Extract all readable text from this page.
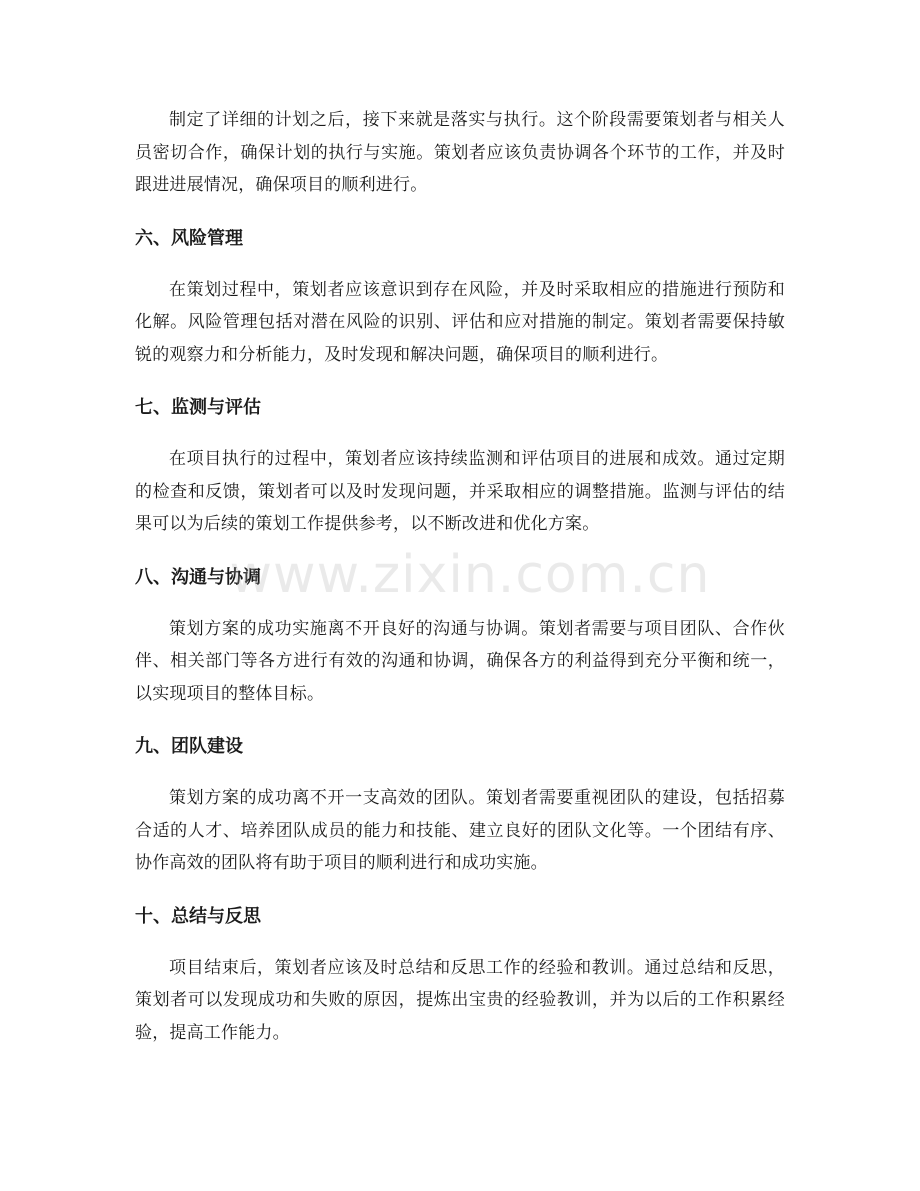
制定了详细的计划之后，接下来就是落实与执行。这个阶段需要策划者与相关人员密切合作，确保计划的执行与实施。策划者应该负责协调各个环节的工作，并及时跟进进展情况，确保项目的顺利进行。

六、风险管理

在策划过程中，策划者应该意识到存在风险，并及时采取相应的措施进行预防和化解。风险管理包括对潜在风险的识别、评估和应对措施的制定。策划者需要保持敏锐的观察力和分析能力，及时发现和解决问题，确保项目的顺利进行。

七、监测与评估

在项目执行的过程中，策划者应该持续监测和评估项目的进展和成效。通过定期的检查和反馈，策划者可以及时发现问题，并采取相应的调整措施。监测与评估的结果可以为后续的策划工作提供参考，以不断改进和优化方案。

八、沟通与协调

策划方案的成功实施离不开良好的沟通与协调。策划者需要与项目团队、合作伙伴、相关部门等各方进行有效的沟通和协调，确保各方的利益得到充分平衡和统一，以实现项目的整体目标。

九、团队建设

策划方案的成功离不开一支高效的团队。策划者需要重视团队的建设，包括招募合适的人才、培养团队成员的能力和技能、建立良好的团队文化等。一个团结有序、协作高效的团队将有助于项目的顺利进行和成功实施。

十、总结与反思

项目结束后，策划者应该及时总结和反思工作的经验和教训。通过总结和反思，策划者可以发现成功和失败的原因，提炼出宝贵的经验教训，并为以后的工作积累经验，提高工作能力。

www.zixin.com.cn
